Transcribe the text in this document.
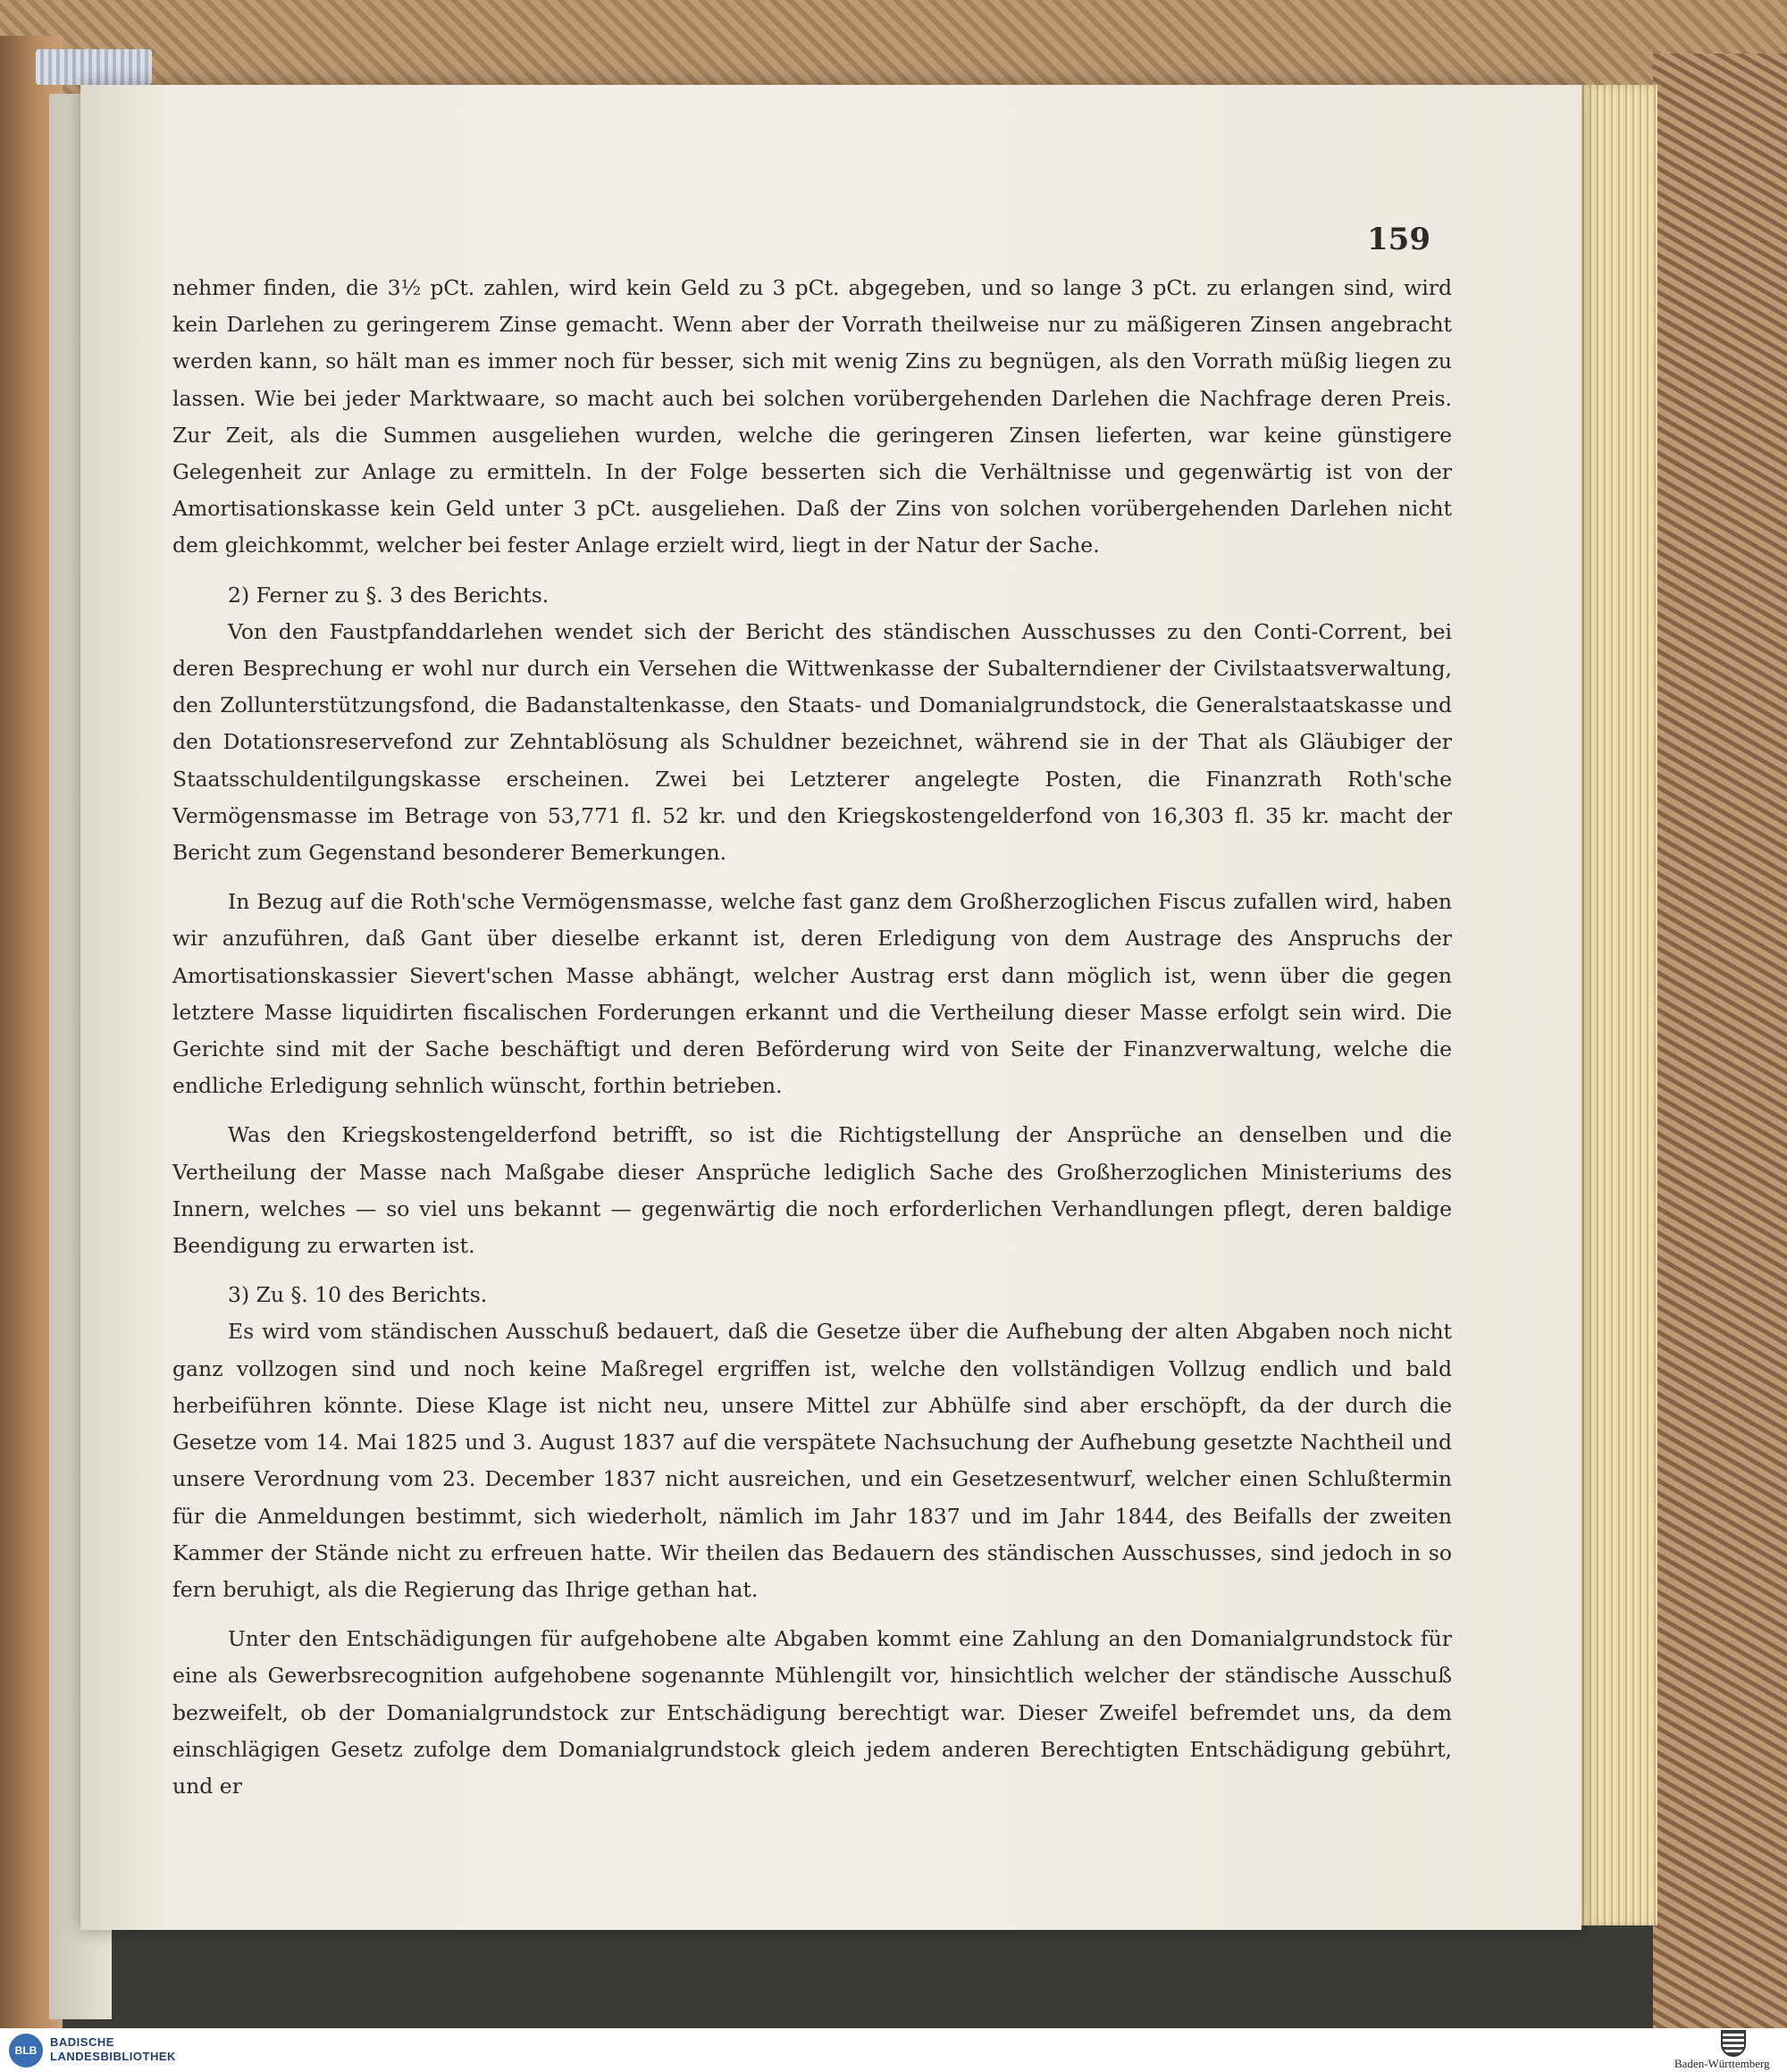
159

nehmer finden, die 3½ pCt. zahlen, wird kein Geld zu 3 pCt. abgegeben, und so lange 3 pCt. zu erlangen sind, wird kein Darlehen zu geringerem Zinse gemacht. Wenn aber der Vorrath theilweise nur zu mäßigeren Zinsen angebracht werden kann, so hält man es immer noch für besser, sich mit wenig Zins zu begnügen, als den Vorrath müßig liegen zu lassen. Wie bei jeder Marktwaare, so macht auch bei solchen vorübergehenden Darlehen die Nachfrage deren Preis. Zur Zeit, als die Summen ausgeliehen wurden, welche die geringeren Zinsen lieferten, war keine günstigere Gelegenheit zur Anlage zu ermitteln. In der Folge besserten sich die Verhältnisse und gegenwärtig ist von der Amortisationskasse kein Geld unter 3 pCt. ausgeliehen. Daß der Zins von solchen vorübergehenden Darlehen nicht dem gleichkommt, welcher bei fester Anlage erzielt wird, liegt in der Natur der Sache.

2) Ferner zu §. 3 des Berichts.

Von den Faustpfanddarlehen wendet sich der Bericht des ständischen Ausschusses zu den Conti-Corrent, bei deren Besprechung er wohl nur durch ein Versehen die Wittwenkasse der Subalterndiener der Civilstaatsverwaltung, den Zollunterstützungsfond, die Badanstaltenkasse, den Staats- und Domanialgrundstock, die Generalstaatskasse und den Dotationsreservefond zur Zehntablösung als Schuldner bezeichnet, während sie in der That als Gläubiger der Staatsschuldentilgungskasse erscheinen. Zwei bei Letzterer angelegte Posten, die Finanzrath Roth'sche Vermögensmasse im Betrage von 53,771 fl. 52 kr. und den Kriegskostengelderfond von 16,303 fl. 35 kr. macht der Bericht zum Gegenstand besonderer Bemerkungen.

In Bezug auf die Roth'sche Vermögensmasse, welche fast ganz dem Großherzoglichen Fiscus zufallen wird, haben wir anzuführen, daß Gant über dieselbe erkannt ist, deren Erledigung von dem Austrage des Anspruchs der Amortisationskassier Sievert'schen Masse abhängt, welcher Austrag erst dann möglich ist, wenn über die gegen letztere Masse liquidirten fiscalischen Forderungen erkannt und die Vertheilung dieser Masse erfolgt sein wird. Die Gerichte sind mit der Sache beschäftigt und deren Beförderung wird von Seite der Finanzverwaltung, welche die endliche Erledigung sehnlich wünscht, forthin betrieben.

Was den Kriegskostengelderfond betrifft, so ist die Richtigstellung der Ansprüche an denselben und die Vertheilung der Masse nach Maßgabe dieser Ansprüche lediglich Sache des Großherzoglichen Ministeriums des Innern, welches — so viel uns bekannt — gegenwärtig die noch erforderlichen Verhandlungen pflegt, deren baldige Beendigung zu erwarten ist.

3) Zu §. 10 des Berichts.

Es wird vom ständischen Ausschuß bedauert, daß die Gesetze über die Aufhebung der alten Abgaben noch nicht ganz vollzogen sind und noch keine Maßregel ergriffen ist, welche den vollständigen Vollzug endlich und bald herbeiführen könnte. Diese Klage ist nicht neu, unsere Mittel zur Abhülfe sind aber erschöpft, da der durch die Gesetze vom 14. Mai 1825 und 3. August 1837 auf die verspätete Nachsuchung der Aufhebung gesetzte Nachtheil und unsere Verordnung vom 23. December 1837 nicht ausreichen, und ein Gesetzesentwurf, welcher einen Schlußtermin für die Anmeldungen bestimmt, sich wiederholt, nämlich im Jahr 1837 und im Jahr 1844, des Beifalls der zweiten Kammer der Stände nicht zu erfreuen hatte. Wir theilen das Bedauern des ständischen Ausschusses, sind jedoch in so fern beruhigt, als die Regierung das Ihrige gethan hat.

Unter den Entschädigungen für aufgehobene alte Abgaben kommt eine Zahlung an den Domanialgrundstock für eine als Gewerbsrecognition aufgehobene sogenannte Mühlengilt vor, hinsichtlich welcher der ständische Ausschuß bezweifelt, ob der Domanialgrundstock zur Entschädigung berechtigt war. Dieser Zweifel befremdet uns, da dem einschlägigen Gesetz zufolge dem Domanialgrundstock gleich jedem anderen Berechtigten Entschädigung gebührt, und er

BLB
BADISCHE
LANDESBIBLIOTHEK
Baden-Württemberg
